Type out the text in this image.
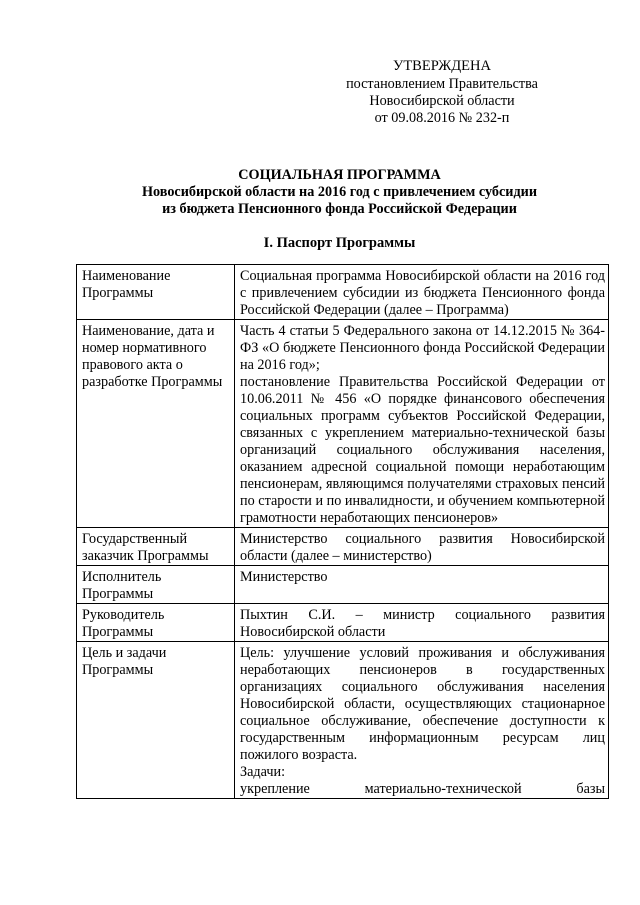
УТВЕРЖДЕНА
постановлением Правительства
Новосибирской области
от 09.08.2016 № 232-п
СОЦИАЛЬНАЯ ПРОГРАММА
Новосибирской области на 2016 год с привлечением субсидии
из бюджета Пенсионного фонда Российской Федерации
I. Паспорт Программы
Наименование Программы	Социальная программа Новосибирской области на 2016 год с привлечением субсидии из бюджета Пенсионного фонда Российской Федерации (далее – Программа)

Наименование, дата и номер нормативного правового акта о разработке Программы	Часть 4 статьи 5 Федерального закона от 14.12.2015 № 364-ФЗ «О бюджете Пенсионного фонда Российской Федерации на 2016 год»;
постановление Правительства Российской Федерации от 10.06.2011 № 456 «О порядке финансового обеспечения социальных программ субъектов Российской Федерации, связанных с укреплением материально-технической базы организаций социального обслуживания населения, оказанием адресной социальной помощи неработающим пенсионерам, являющимся получателями страховых пенсий по старости и по инвалидности, и обучением компьютерной грамотности неработающих пенсионеров»

Государственный заказчик Программы	Министерство социального развития Новосибирской области (далее – министерство)

Исполнитель Программы	Министерство

Руководитель Программы	Пыхтин С.И. – министр социального развития Новосибирской области

Цель и задачи Программы	Цель: улучшение условий проживания и обслуживания неработающих пенсионеров в государственных организациях социального обслуживания населения Новосибирской области, осуществляющих стационарное социальное обслуживание, обеспечение доступности к государственным информационным ресурсам лиц пожилого возраста.
Задачи:
укрепление материально-технической базы
